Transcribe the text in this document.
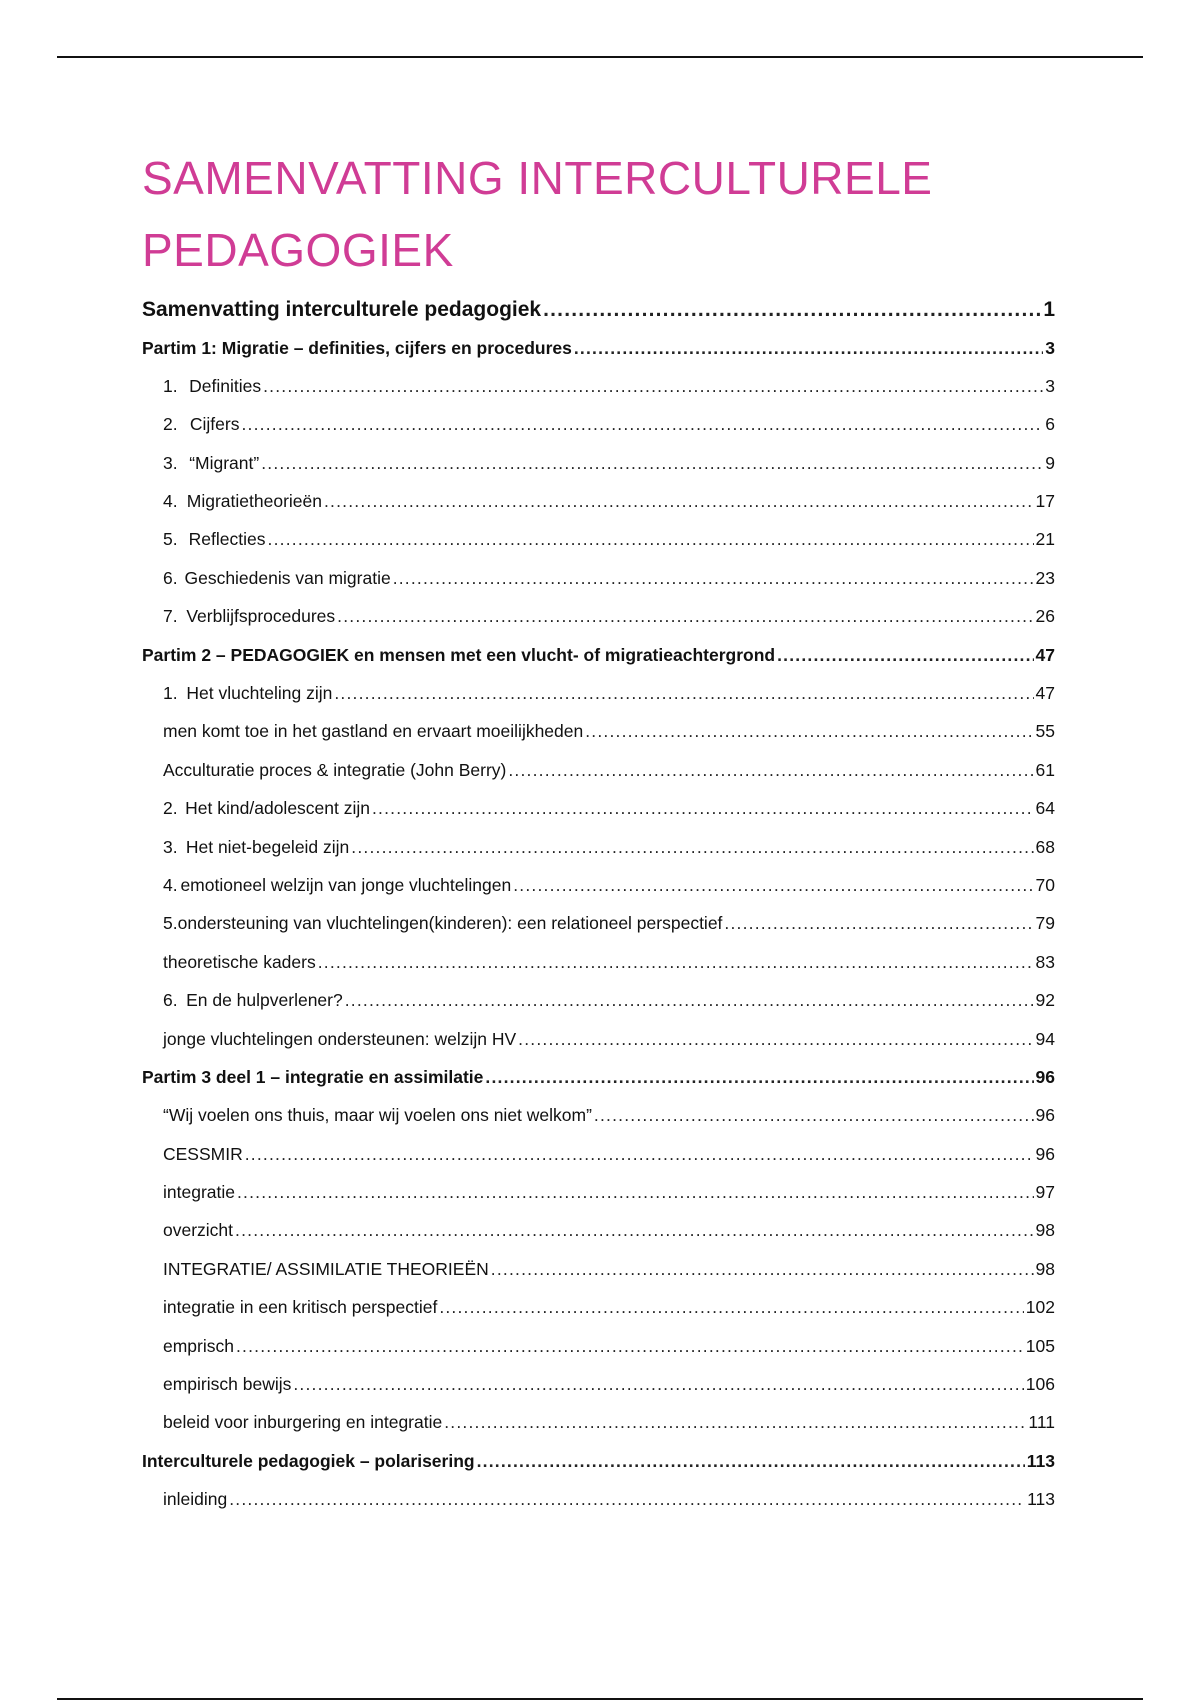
SAMENVATTING INTERCULTURELE
PEDAGOGIEK
Samenvatting interculturele pedagogiek .....	1
Partim 1: Migratie – definities, cijfers en procedures .....	3
1. Definities .....	3
2. Cijfers .....	6
3. “Migrant” .....	9
4. Migratietheorieën .....	17
5. Reflecties .....	21
6. Geschiedenis van migratie .....	23
7. Verblijfsprocedures .....	26
Partim 2 – PEDAGOGIEK en mensen met een vlucht- of migratieachtergrond .....	47
1. Het vluchteling zijn .....	47
men komt toe in het gastland en ervaart moeilijkheden .....	55
Acculturatie proces & integratie (John Berry) .....	61
2. Het kind/adolescent zijn .....	64
3. Het niet-begeleid zijn .....	68
4. emotioneel welzijn van jonge vluchtelingen .....	70
5. ondersteuning van vluchtelingen(kinderen): een relationeel perspectief .....	79
theoretische kaders .....	83
6. En de hulpverlener? .....	92
jonge vluchtelingen ondersteunen: welzijn HV .....	94
Partim 3 deel 1 – integratie en assimilatie .....	96
“Wij voelen ons thuis, maar wij voelen ons niet welkom” .....	96
CESSMIR .....	96
integratie .....	97
overzicht .....	98
INTEGRATIE/ ASSIMILATIE THEORIEËN .....	98
integratie in een kritisch perspectief .....	102
emprisch .....	105
empirisch bewijs .....	106
beleid voor inburgering en integratie .....	111
Interculturele pedagogiek – polarisering .....	113
inleiding .....	113
